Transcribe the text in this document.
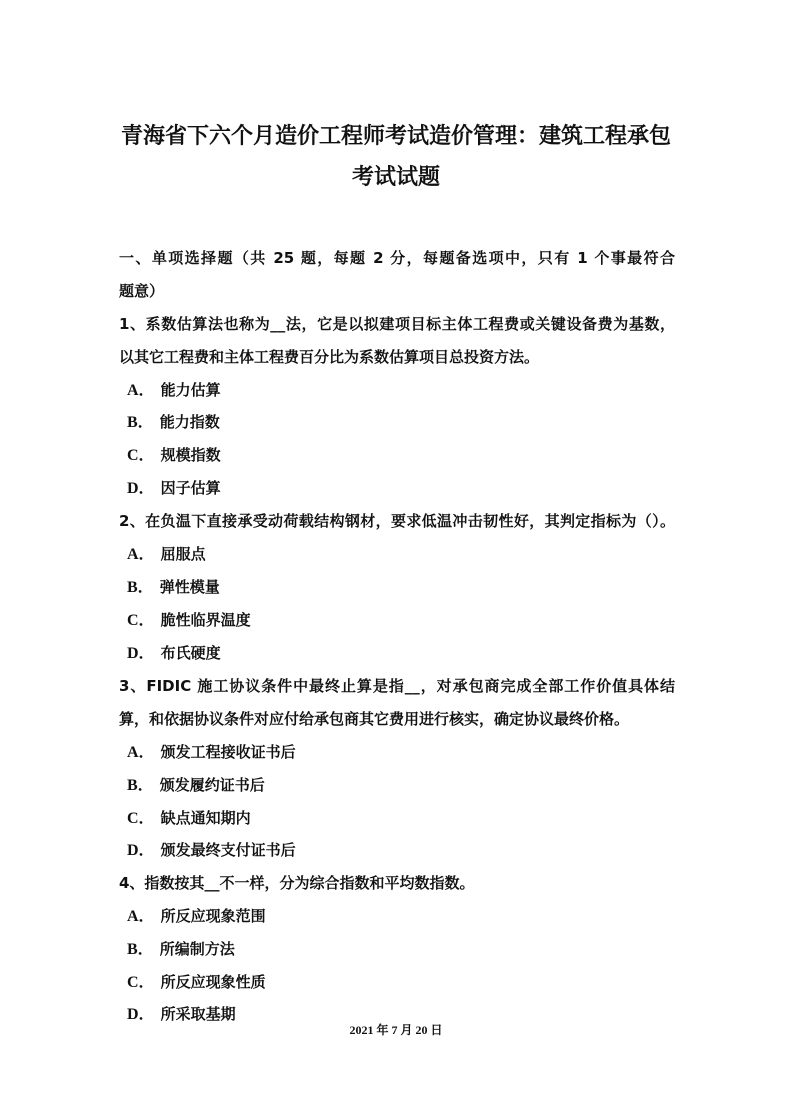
青海省下六个月造价工程师考试造价管理：建筑工程承包
考试试题
一、单项选择题（共 25 题，每题 2 分，每题备选项中，只有 1 个事最符合
题意）
1、系数估算法也称为__法，它是以拟建项目标主体工程费或关键设备费为基数，
以其它工程费和主体工程费百分比为系数估算项目总投资方法。
A． 能力估算
B． 能力指数
C． 规模指数
D． 因子估算
2、在负温下直接承受动荷载结构钢材，要求低温冲击韧性好，其判定指标为（）。
A． 屈服点
B． 弹性模量
C． 脆性临界温度
D． 布氏硬度
3、FIDIC 施工协议条件中最终止算是指__，对承包商完成全部工作价值具体结
算，和依据协议条件对应付给承包商其它费用进行核实，确定协议最终价格。
A． 颁发工程接收证书后
B． 颁发履约证书后
C． 缺点通知期内
D． 颁发最终支付证书后
4、指数按其__不一样，分为综合指数和平均数指数。
A． 所反应现象范围
B． 所编制方法
C． 所反应现象性质
D． 所采取基期
2021 年 7 月 20 日
